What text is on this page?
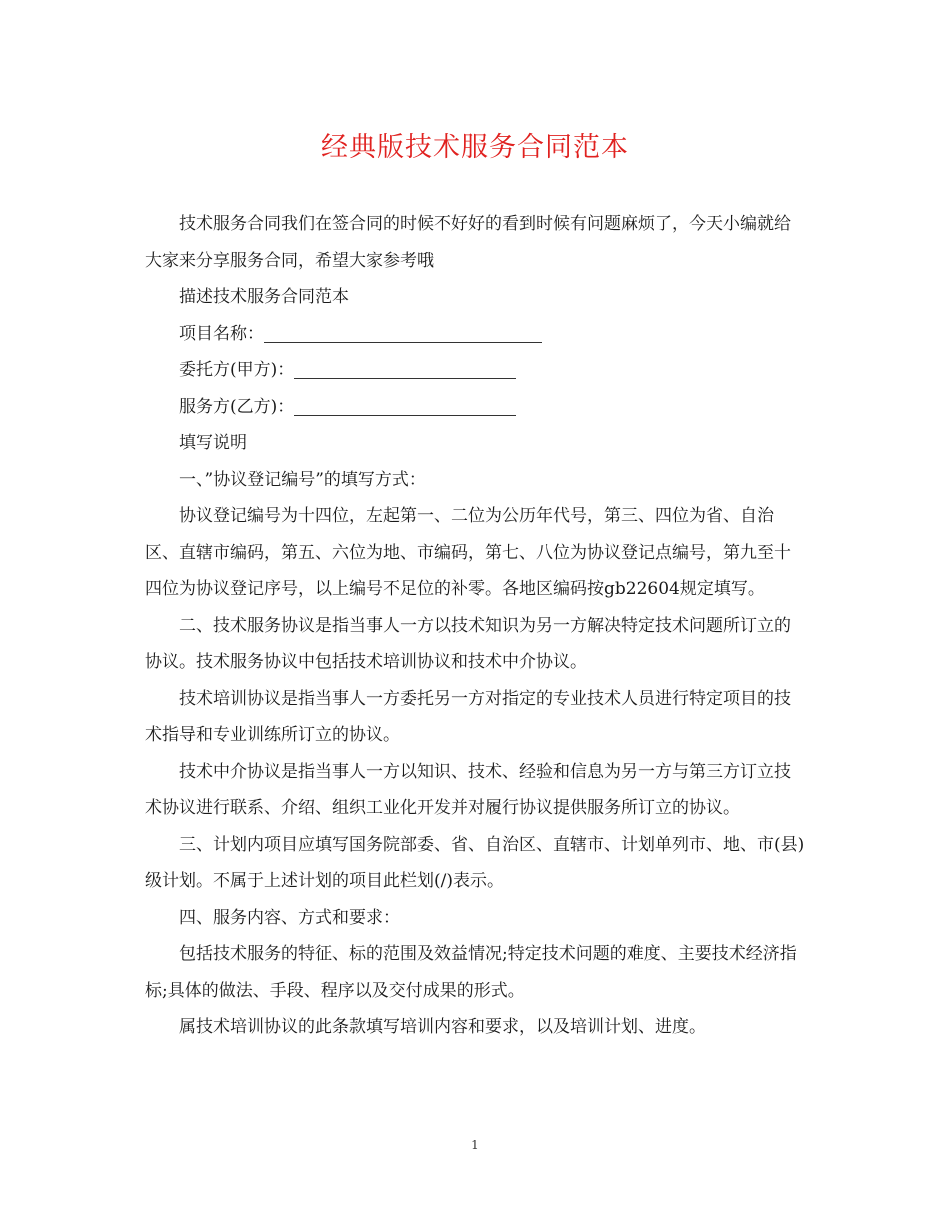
经典版技术服务合同范本

技术服务合同我们在签合同的时候不好好的看到时候有问题麻烦了，今天小编就给大家来分享服务合同，希望大家参考哦

描述技术服务合同范本

项目名称：

委托方(甲方)：

服务方(乙方)：

填写说明

一、”协议登记编号”的填写方式：

协议登记编号为十四位，左起第一、二位为公历年代号，第三、四位为省、自治区、直辖市编码，第五、六位为地、市编码，第七、八位为协议登记点编号，第九至十四位为协议登记序号，以上编号不足位的补零。各地区编码按gb22604规定填写。

二、技术服务协议是指当事人一方以技术知识为另一方解决特定技术问题所订立的协议。技术服务协议中包括技术培训协议和技术中介协议。

技术培训协议是指当事人一方委托另一方对指定的专业技术人员进行特定项目的技术指导和专业训练所订立的协议。

技术中介协议是指当事人一方以知识、技术、经验和信息为另一方与第三方订立技术协议进行联系、介绍、组织工业化开发并对履行协议提供服务所订立的协议。

三、计划内项目应填写国务院部委、省、自治区、直辖市、计划单列市、地、市(县)级计划。不属于上述计划的项目此栏划(/)表示。

四、服务内容、方式和要求：

包括技术服务的特征、标的范围及效益情况;特定技术问题的难度、主要技术经济指标;具体的做法、手段、程序以及交付成果的形式。

属技术培训协议的此条款填写培训内容和要求，以及培训计划、进度。

1
